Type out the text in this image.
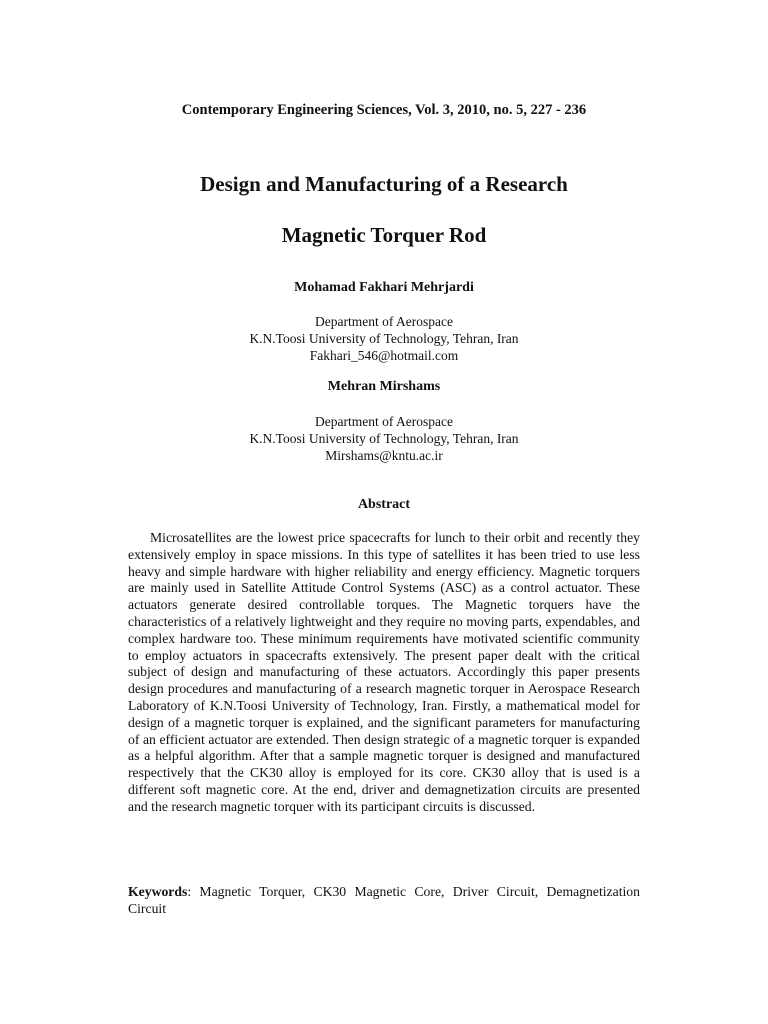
Contemporary Engineering Sciences, Vol. 3, 2010, no. 5, 227 - 236
Design and Manufacturing of a Research
Magnetic Torquer Rod
Mohamad Fakhari Mehrjardi
Department of Aerospace
K.N.Toosi University of Technology, Tehran, Iran
Fakhari_546@hotmail.com
Mehran Mirshams
Department of Aerospace
K.N.Toosi University of Technology, Tehran, Iran
Mirshams@kntu.ac.ir
Abstract
Microsatellites are the lowest price spacecrafts for lunch to their orbit and recently they extensively employ in space missions. In this type of satellites it has been tried to use less heavy and simple hardware with higher reliability and energy efficiency. Magnetic torquers are mainly used in Satellite Attitude Control Systems (ASC) as a control actuator. These actuators generate desired controllable torques. The Magnetic torquers have the characteristics of a relatively lightweight and they require no moving parts, expendables, and complex hardware too. These minimum requirements have motivated scientific community to employ actuators in spacecrafts extensively. The present paper dealt with the critical subject of design and manufacturing of these actuators. Accordingly this paper presents design procedures and manufacturing of a research magnetic torquer in Aerospace Research Laboratory of K.N.Toosi University of Technology, Iran. Firstly, a mathematical model for design of a magnetic torquer is explained, and the significant parameters for manufacturing of an efficient actuator are extended. Then design strategic of a magnetic torquer is expanded as a helpful algorithm. After that a sample magnetic torquer is designed and manufactured respectively that the CK30 alloy is employed for its core. CK30 alloy that is used is a different soft magnetic core. At the end, driver and demagnetization circuits are presented and the research magnetic torquer with its participant circuits is discussed.
Keywords: Magnetic Torquer, CK30 Magnetic Core, Driver Circuit, Demagnetization Circuit
